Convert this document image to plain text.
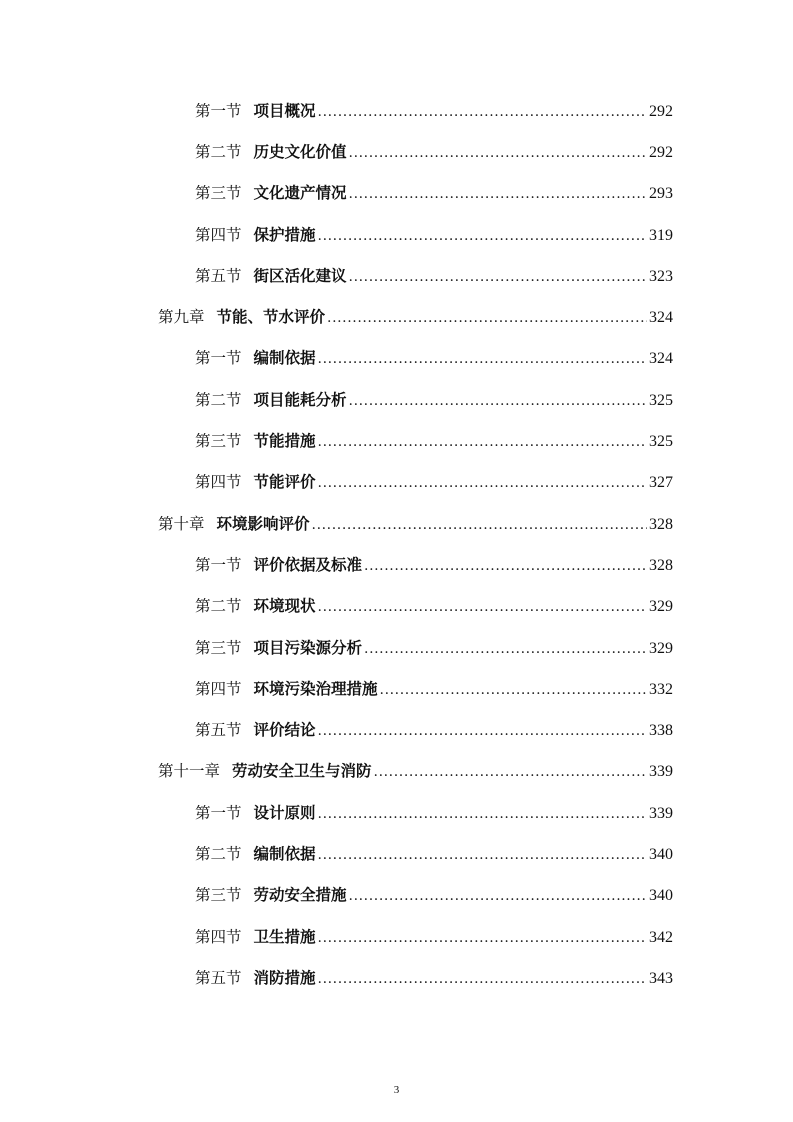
第一节 项目概况 .....	292
第二节 历史文化价值 .....	292
第三节 文化遗产情况 .....	293
第四节 保护措施 .....	319
第五节 街区活化建议 .....	323
第九章 节能、节水评价 .....	324
第一节 编制依据 .....	324
第二节 项目能耗分析 .....	325
第三节 节能措施 .....	325
第四节 节能评价 .....	327
第十章 环境影响评价 .....	328
第一节 评价依据及标准 .....	328
第二节 环境现状 .....	329
第三节 项目污染源分析 .....	329
第四节 环境污染治理措施 .....	332
第五节 评价结论 .....	338
第十一章 劳动安全卫生与消防 .....	339
第一节 设计原则 .....	339
第二节 编制依据 .....	340
第三节 劳动安全措施 .....	340
第四节 卫生措施 .....	342
第五节 消防措施 .....	343
3
